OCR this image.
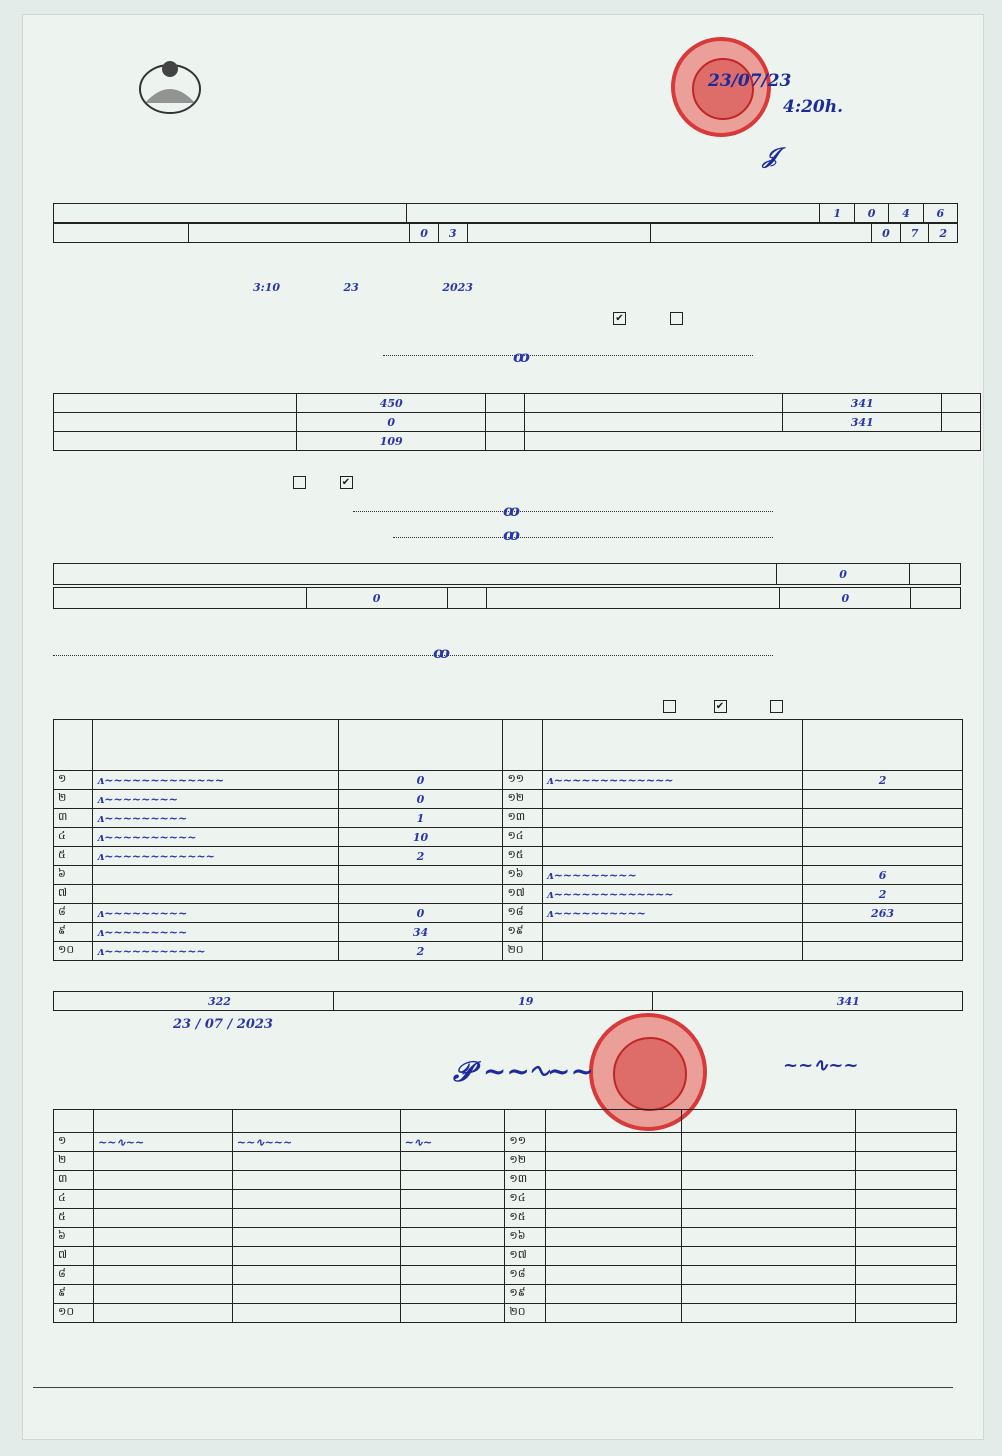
23/07/23
4:20h.
𝒥
		1	0	4	6
		0	3			0	7	2
3:10	23	2023
✔
ꝏ
	450			341	
	0			341	
	109				
✔
ꝏ
ꝏ
	0	
	0			0	
ꝏ
✔

១	ᴧ~~~~~~~~~~~~~	0	១១	ᴧ~~~~~~~~~~~~~	2
២	ᴧ~~~~~~~~	0	១២		
៣	ᴧ~~~~~~~~~	1	១៣		
៤	ᴧ~~~~~~~~~~	10	១៤		
៥	ᴧ~~~~~~~~~~~~	2	១៥		
៦			១៦	ᴧ~~~~~~~~~	6
៧			១៧	ᴧ~~~~~~~~~~~~~	2
៨	ᴧ~~~~~~~~~	0	១៨	ᴧ~~~~~~~~~~	263
៩	ᴧ~~~~~~~~~	34	១៩		
១០	ᴧ~~~~~~~~~~~	2	២០		
322	19	341
23 / 07 / 2023
𝒫 ~~∿~~	~~∿~~

១	~~∿~~	~~∿~~~	~∿~	១១			
២				១២			
៣				១៣			
៤				១៤			
៥				១៥			
៦				១៦			
៧				១៧			
៨				១៨			
៩				១៩			
១០				២០			
